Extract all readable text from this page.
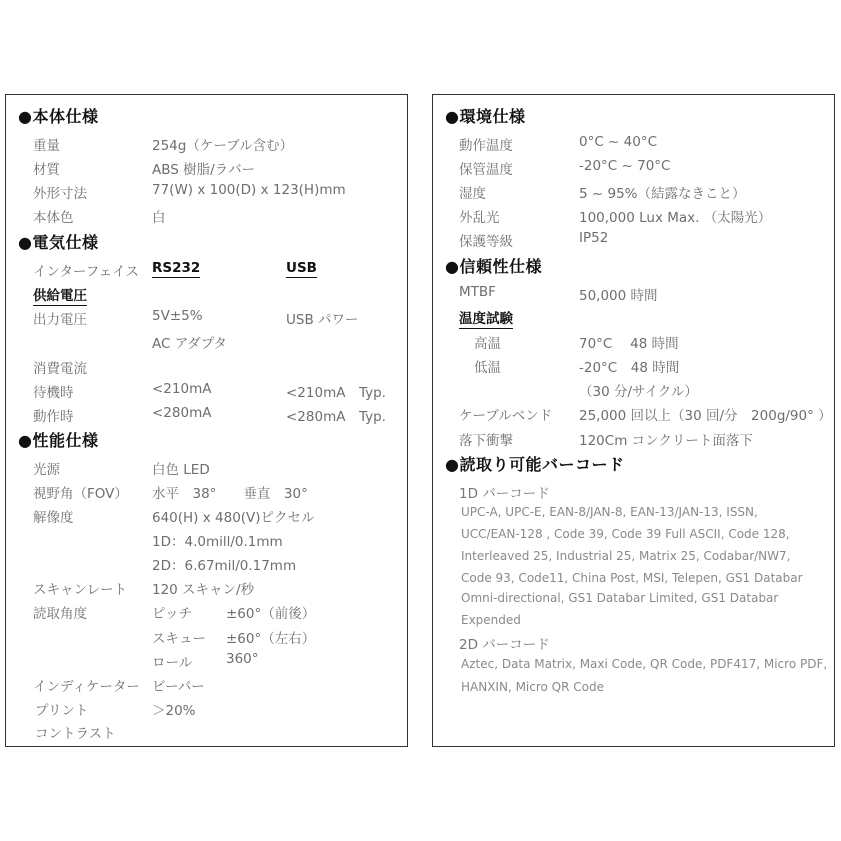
●本体仕様
重量	254g（ケーブル含む）
材質	ABS 樹脂/ラバー
外形寸法	77(W) x 100(D) x 123(H)mm
本体色	白
●電気仕様
インターフェイス RS232	USB
供給電圧
出力電圧	5V±5%	USB パワー
AC アダプタ
消費電流
待機時	<210mA	<210mA　Typ.
動作時	<280mA	<280mA　Typ.
●性能仕様
光源	白色 LED
視野角（FOV） 水平　38°　　垂直　30°
解像度	640(H) x 480(V)ピクセル
1D：4.0mill/0.1mm
2D：6.67mil/0.17mm
スキャンレート 120 スキャン/秒
読取角度	ピッチ	±60°（前後）
スキュー ±60°（左右）
ロール	360°
インディケーター ビーパー
プリント	＞20%
コントラスト
●環境仕様
動作温度	0°C ~ 40°C
保管温度	-20°C ~ 70°C
湿度	5 ~ 95%（結露なきこと）
外乱光	100,000 Lux Max. （太陽光）
保護等級	IP52
●信頼性仕様
MTBF	50,000 時間
温度試験
高温	70°C　 48 時間
低温	-20°C　48 時間
（30 分/サイクル）
ケーブルベンド 25,000 回以上（30 回/分　200g/90° ）
落下衝撃	120Cm コンクリート面落下
●読取り可能バーコード
1D バーコード
UPC-A, UPC-E, EAN-8/JAN-8, EAN-13/JAN-13, ISSN,
UCC/EAN-128 , Code 39, Code 39 Full ASCII, Code 128,
Interleaved 25, Industrial 25, Matrix 25, Codabar/NW7,
Code 93, Code11, China Post, MSI, Telepen, GS1 Databar
Omni-directional, GS1 Databar Limited, GS1 Databar
Expended
2D バーコード
Aztec, Data Matrix, Maxi Code, QR Code, PDF417, Micro PDF,
HANXIN, Micro QR Code
